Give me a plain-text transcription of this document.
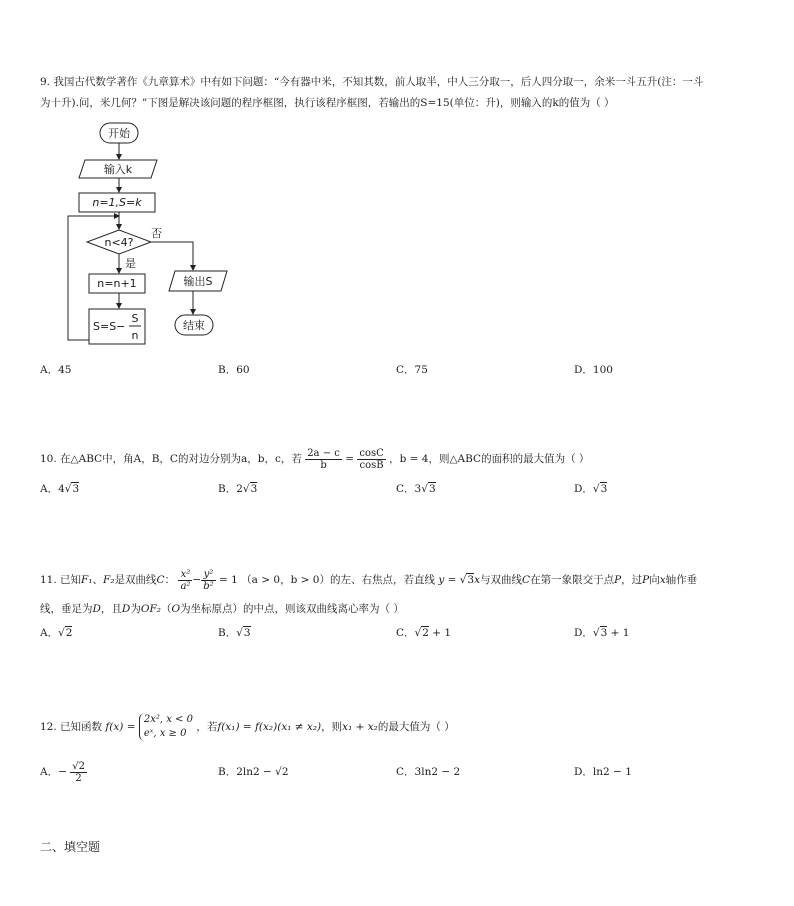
9. 我国古代数学著作《九章算术》中有如下问题：“今有器中米，不知其数，前人取半，中人三分取一，后人四分取一，余米一斗五升(注：一斗
为十升).问，米几何？”下图是解决该问题的程序框图，执行该程序框图，若输出的S=15(单位：升)，则输入的k的值为（ ）
开始
输入k
n=1,S=k
n<4?
否
是
n=n+1
S=S−
S
n
输出S
结束
A．45	B．60	C．75	D．100
10. 在△ABC中，角A，B，C的对边分别为a，b，c，若 $\frac{2a - c}{b} = \frac{\cos C}{\cos B}$ ，b = 4，则△ABC的面积的最大值为（ ）
A．4√3	B．2√3	C．3√3	D．√3
11. 已知F₁、F₂是双曲线C： $\frac{\text{x²}}{\text{a²}} - \frac{\text{y²}}{\text{b²}} = 1$ （a > 0，b > 0）的左、右焦点，若直线 y = √3x与双曲线C在第一象限交于点P，过P向x轴作垂
线，垂足为D，且D为OF₂（O为坐标原点）的中点，则该双曲线离心率为（ ）
A．√2	B．√3	C．√2 + 1	D．√3 + 1
12. 已知函数 f(x) =
2x², x < 0
eˣ, x ≥ 0
，若f(x₁) = f(x₂)(x₁ ≠ x₂)，则x₁ + x₂的最大值为（ ）
A．− $\frac{√2}{2}$	B．2ln2 − √2	C．3ln2 − 2	D．ln2 − 1
二、填空题
